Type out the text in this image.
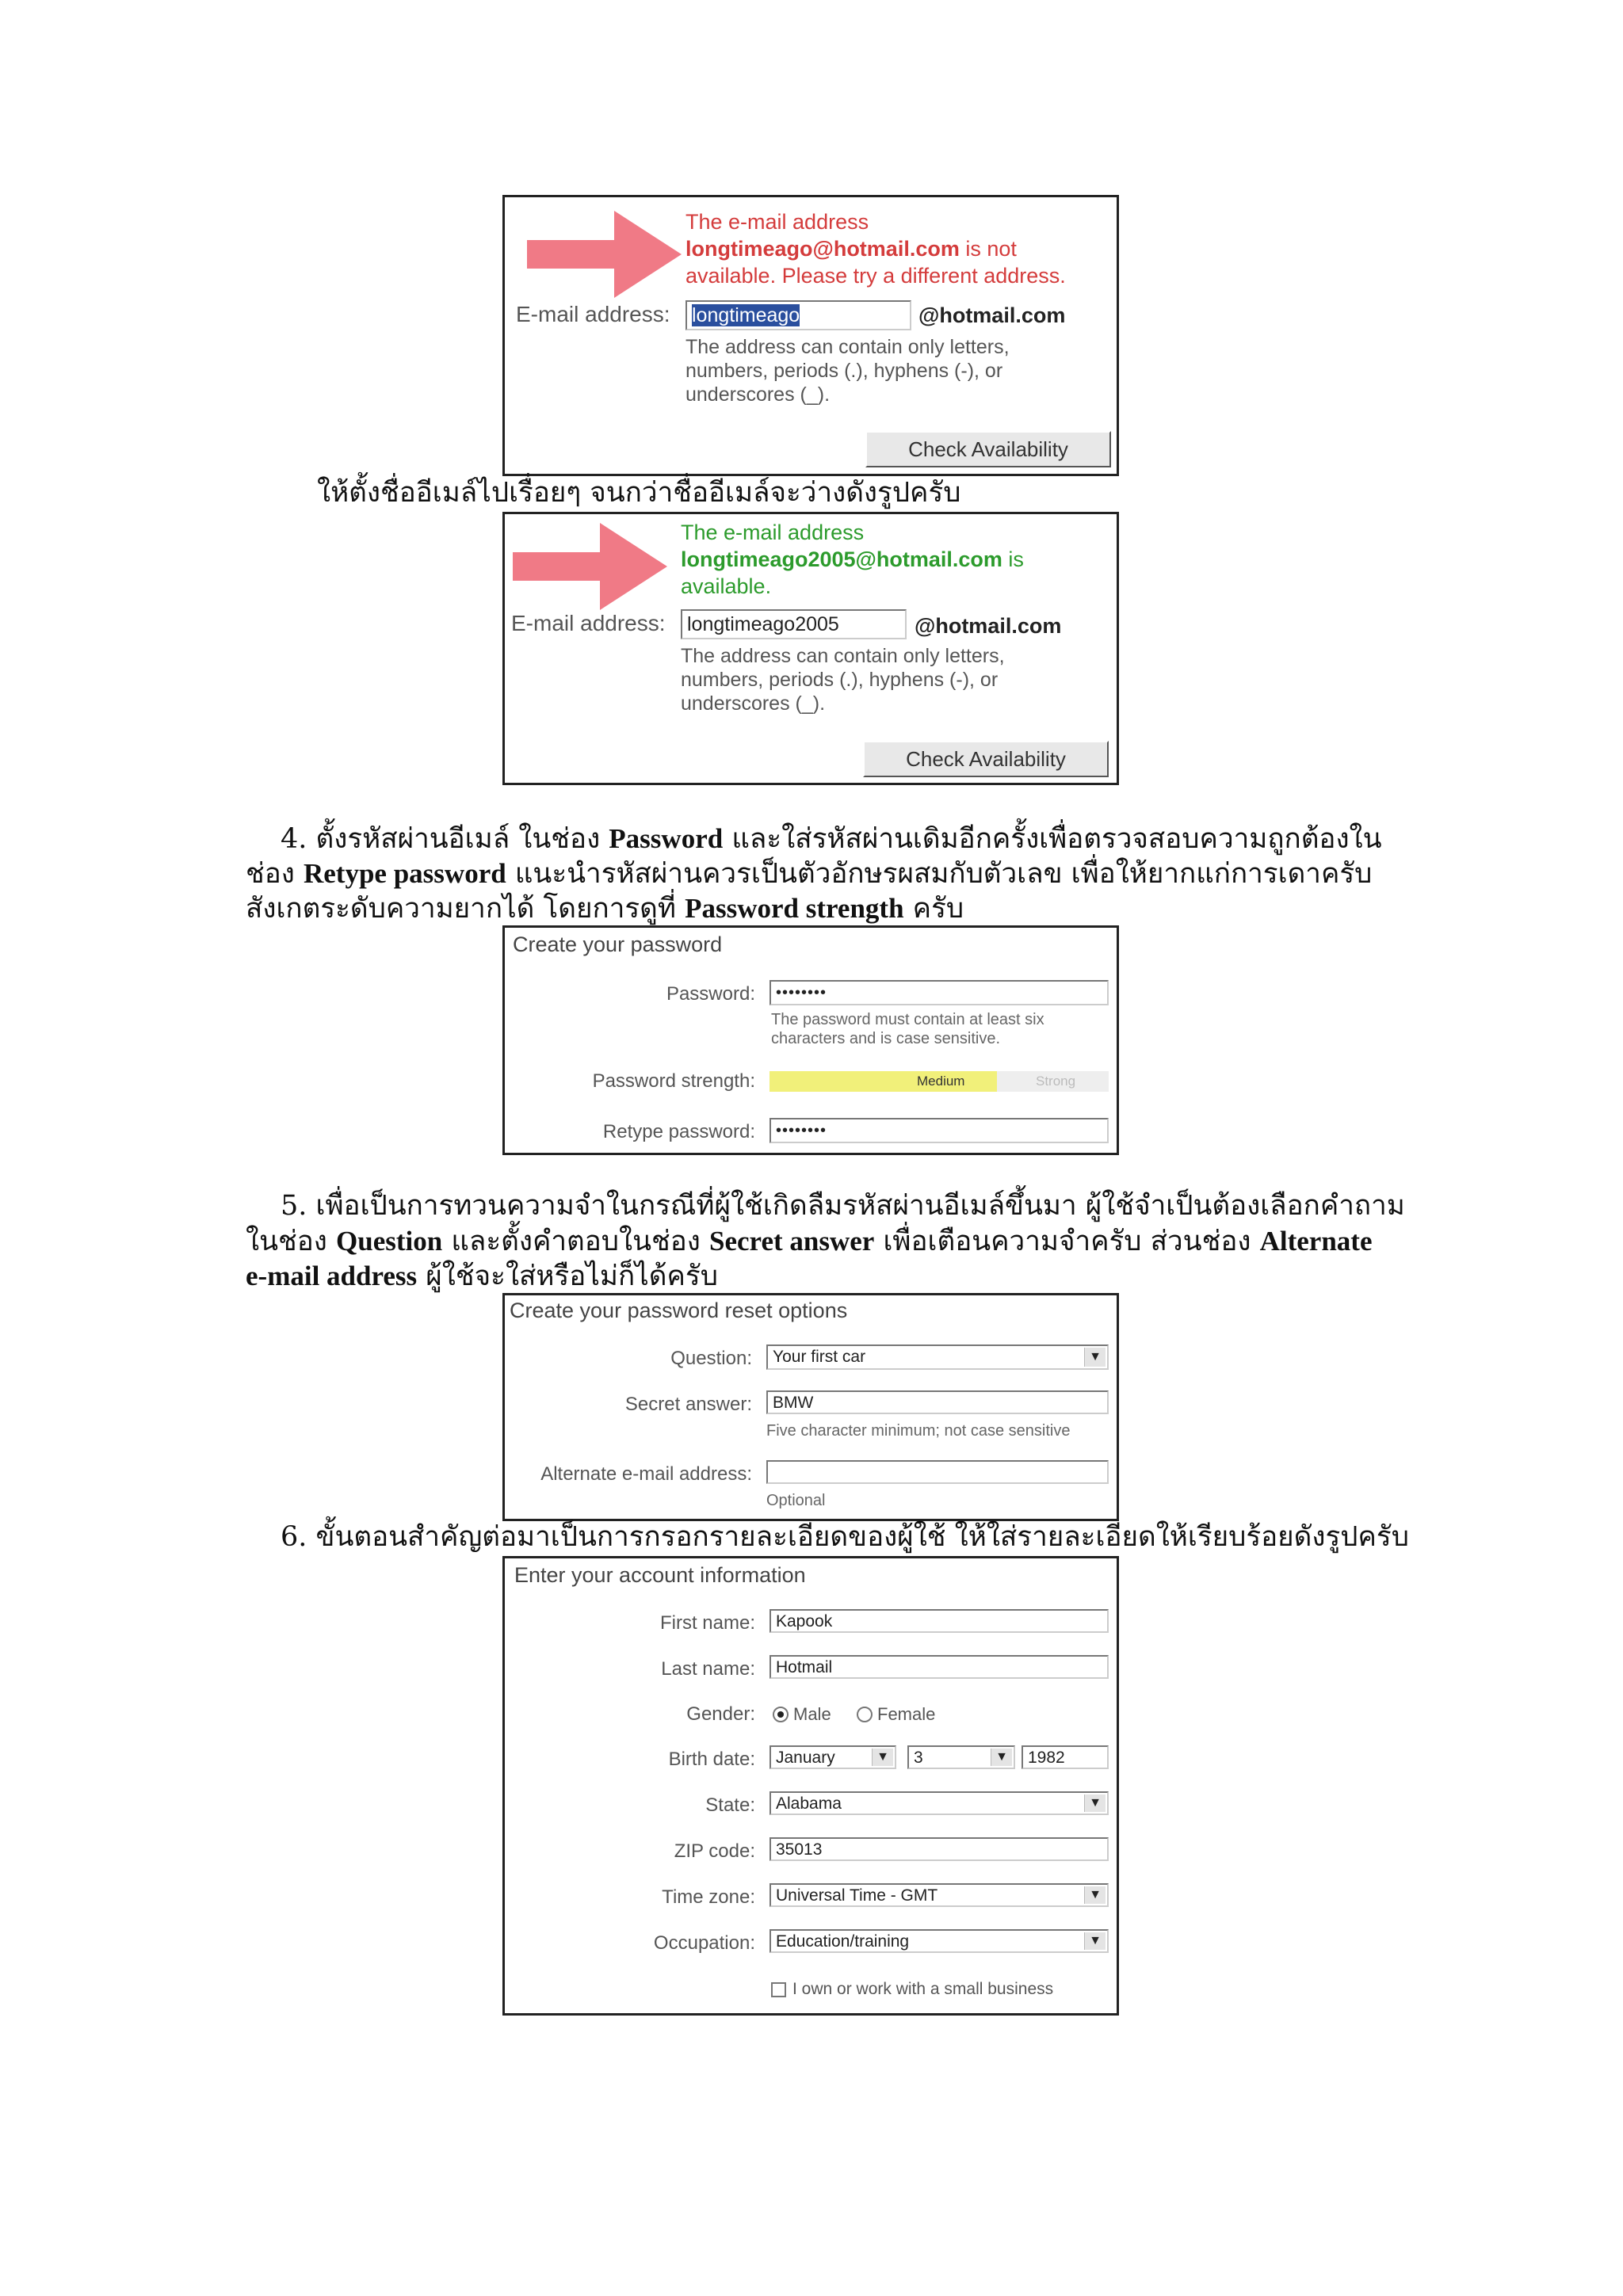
The e-mail address
longtimeago@hotmail.com is not
available. Please try a different address.
E-mail address:	longtimeago	@hotmail.com
The address can contain only letters,
numbers, periods (.), hyphens (-), or
underscores (_).
Check Availability
ให้ตั้งชื่ออีเมล์ไปเรื่อยๆ จนกว่าชื่ออีเมล์จะว่างดังรูปครับ
The e-mail address
longtimeago2005@hotmail.com is
available.
E-mail address:	longtimeago2005	@hotmail.com
The address can contain only letters,
numbers, periods (.), hyphens (-), or
underscores (_).
Check Availability
4. ตั้งรหัสผ่านอีเมล์ ในช่อง Password และใส่รหัสผ่านเดิมอีกครั้งเพื่อตรวจสอบความถูกต้องใน
ช่อง Retype password แนะนำรหัสผ่านควรเป็นตัวอักษรผสมกับตัวเลข เพื่อให้ยากแก่การเดาครับ
สังเกตระดับความยากได้ โดยการดูที่ Password strength ครับ
Create your password
Password:	••••••••
The password must contain at least six
characters and is case sensitive.
Password strength:	Medium	Strong
Retype password:	••••••••
5. เพื่อเป็นการทวนความจำในกรณีที่ผู้ใช้เกิดลืมรหัสผ่านอีเมล์ขึ้นมา ผู้ใช้จำเป็นต้องเลือกคำถาม
ในช่อง Question และตั้งคำตอบในช่อง Secret answer เพื่อเตือนความจำครับ ส่วนช่อง Alternate
e-mail address ผู้ใช้จะใส่หรือไม่ก็ได้ครับ
Create your password reset options
Question:	Your first car	▼
Secret answer:	BMW
Five character minimum; not case sensitive
Alternate e-mail address:
Optional
6. ขั้นตอนสำคัญต่อมาเป็นการกรอกรายละเอียดของผู้ใช้ ให้ใส่รายละเอียดให้เรียบร้อยดังรูปครับ
Enter your account information
First name:	Kapook
Last name:	Hotmail
Gender: Male	Female
Birth date:	January	▼	3	▼	1982
State:	Alabama	▼
ZIP code:	35013
Time zone:	Universal Time - GMT	▼
Occupation:	Education/training	▼
I own or work with a small business
